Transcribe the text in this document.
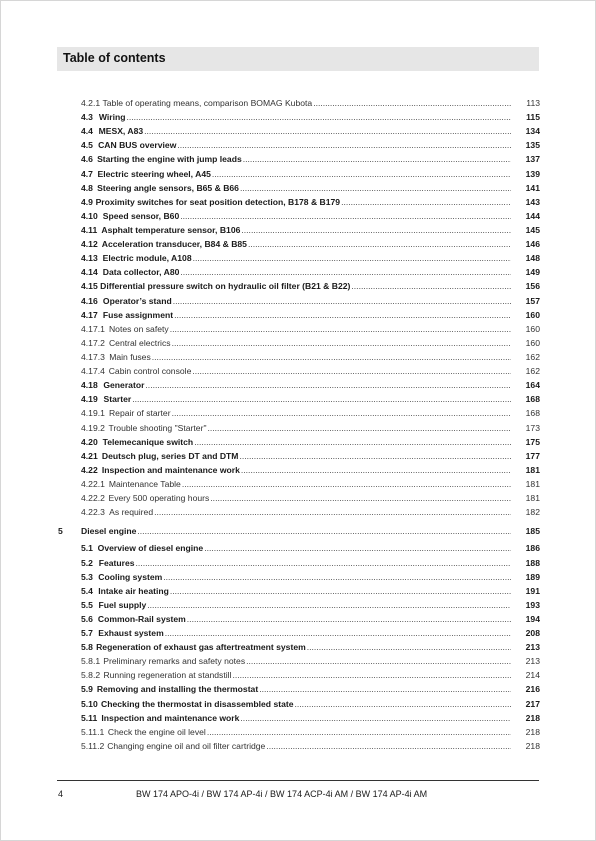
Table of contents
4.2.1 Table of operating means, comparison BOMAG Kubota .....	113
4.3 Wiring .....	115
4.4 MESX, A83 .....	134
4.5 CAN BUS overview .....	135
4.6 Starting the engine with jump leads .....	137
4.7 Electric steering wheel, A45 .....	139
4.8 Steering angle sensors, B65 & B66 .....	141
4.9 Proximity switches for seat position detection, B178 & B179 .....	143
4.10 Speed sensor, B60 .....	144
4.11 Asphalt temperature sensor, B106 .....	145
4.12 Acceleration transducer, B84 & B85 .....	146
4.13 Electric module, A108 .....	148
4.14 Data collector, A80 .....	149
4.15 Differential pressure switch on hydraulic oil filter (B21 & B22) .....	156
4.16 Operator’s stand .....	157
4.17 Fuse assignment .....	160
4.17.1 Notes on safety .....	160
4.17.2 Central electrics .....	160
4.17.3 Main fuses .....	162
4.17.4 Cabin control console .....	162
4.18 Generator .....	164
4.19 Starter .....	168
4.19.1 Repair of starter .....	168
4.19.2 Trouble shooting "Starter" .....	173
4.20 Telemecanique switch .....	175
4.21 Deutsch plug, series DT and DTM .....	177
4.22 Inspection and maintenance work .....	181
4.22.1 Maintenance Table .....	181
4.22.2 Every 500 operating hours .....	181
4.22.3 As required .....	182
5 Diesel engine .....	185
5.1 Overview of diesel engine .....	186
5.2 Features .....	188
5.3 Cooling system .....	189
5.4 Intake air heating .....	191
5.5 Fuel supply .....	193
5.6 Common-Rail system .....	194
5.7 Exhaust system .....	208
5.8 Regeneration of exhaust gas aftertreatment system .....	213
5.8.1 Preliminary remarks and safety notes .....	213
5.8.2 Running regeneration at standstill .....	214
5.9 Removing and installing the thermostat .....	216
5.10 Checking the thermostat in disassembled state .....	217
5.11 Inspection and maintenance work .....	218
5.11.1 Check the engine oil level .....	218
5.11.2 Changing engine oil and oil filter cartridge .....	218
4	BW 174 APO-4i / BW 174 AP-4i / BW 174 ACP-4i AM / BW 174 AP-4i AM
